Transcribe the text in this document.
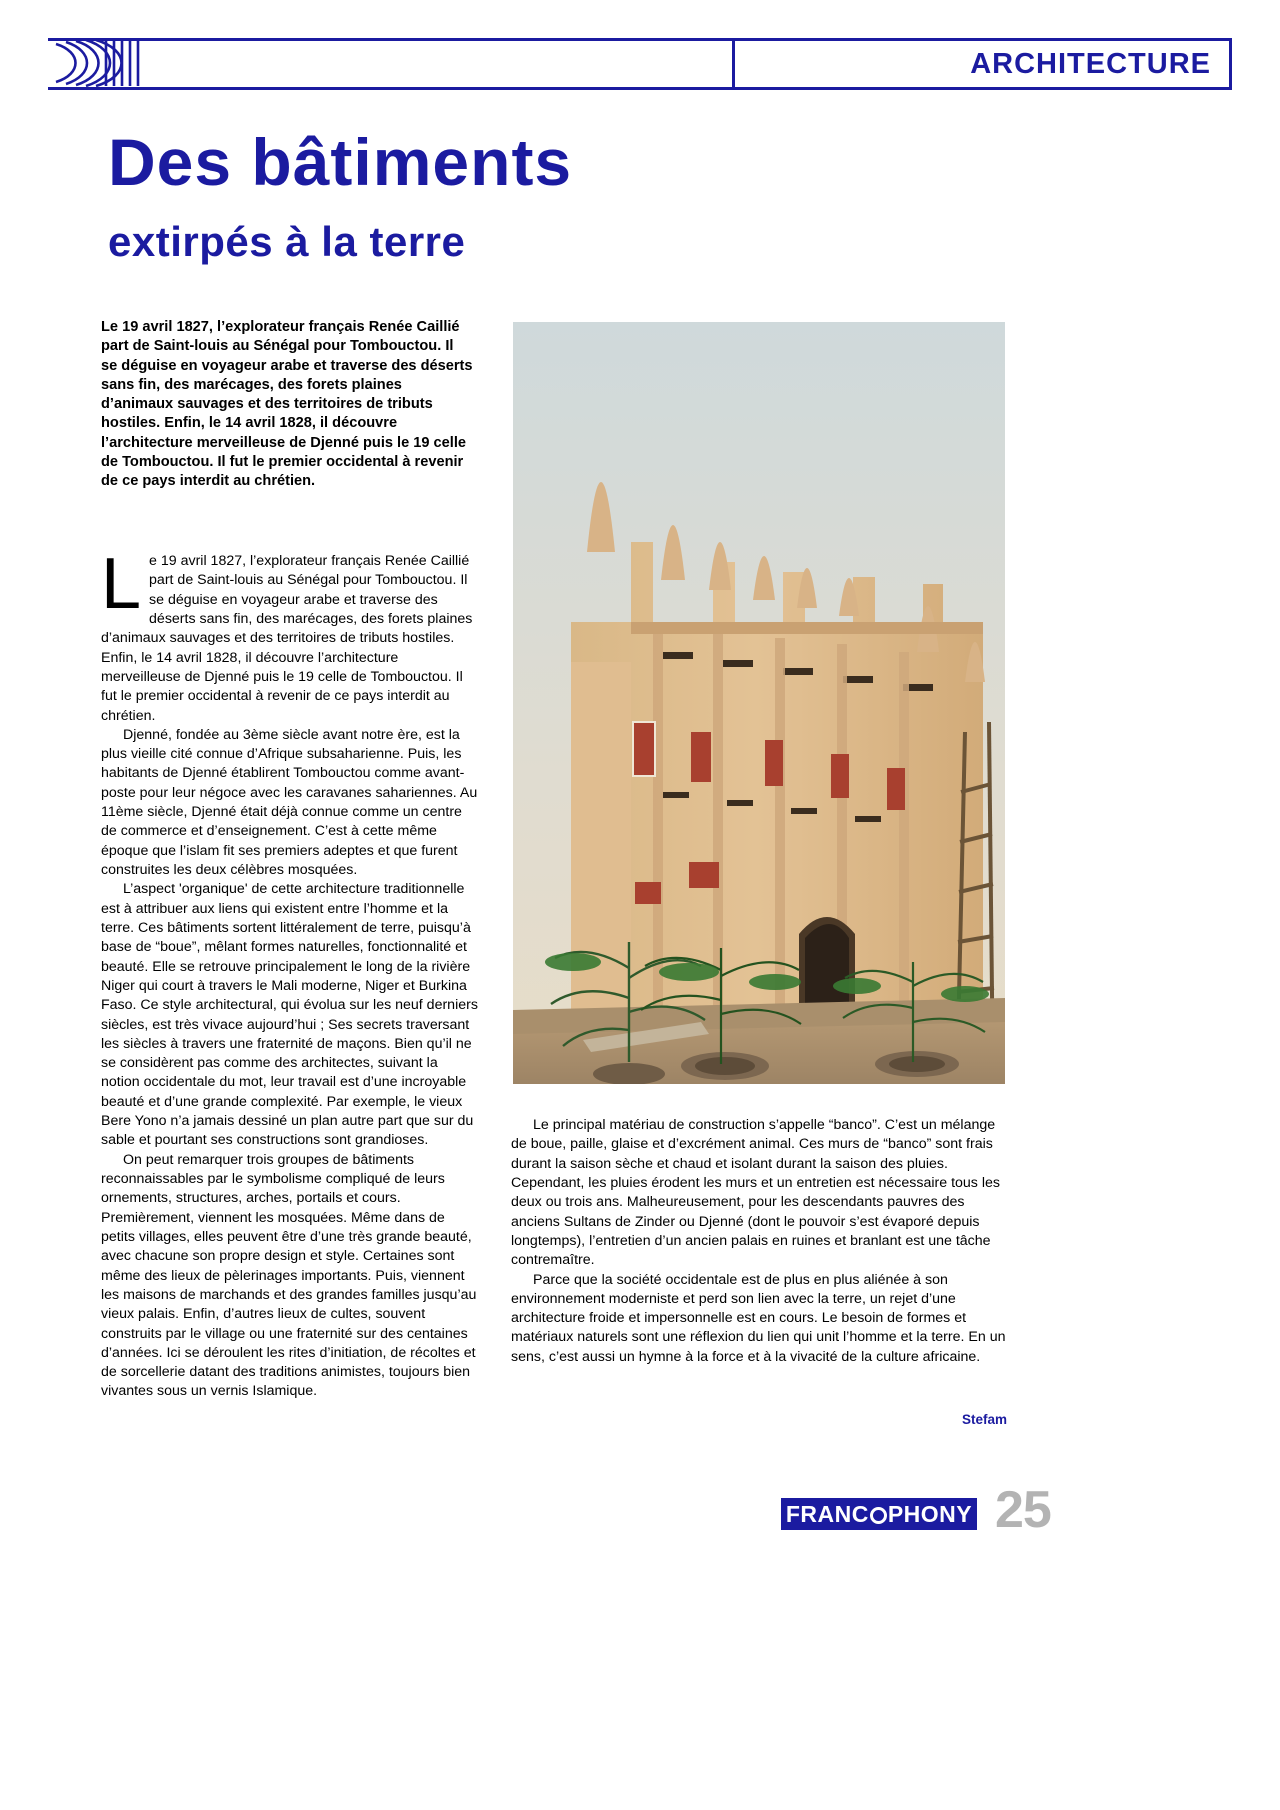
ARCHITECTURE
Des bâtiments
extirpés à la terre
Le 19 avril 1827, l’explorateur français Renée Caillié part de Saint-louis au Sénégal pour Tombouctou. Il se déguise en voyageur arabe et traverse des déserts sans fin, des marécages, des forets plaines d’animaux sauvages et des territoires de tributs hostiles. Enfin, le 14 avril 1828, il découvre l’architecture merveilleuse de Djenné puis le 19 celle de Tombouctou. Il fut le premier occidental à revenir de ce pays interdit au chrétien.

Le 19 avril 1827, l’explorateur français Renée Caillié part de Saint-louis au Sénégal pour Tombouctou. Il se déguise en voyageur arabe et traverse des déserts sans fin, des marécages, des forets plaines d’animaux sauvages et des territoires de tributs hostiles. Enfin, le 14 avril 1828, il découvre l’architecture merveilleuse de Djenné puis le 19 celle de Tombouctou. Il fut le premier occidental à revenir de ce pays interdit au chrétien.

Djenné, fondée au 3ème siècle avant notre ère, est la plus vieille cité connue d’Afrique subsaharienne. Puis, les habitants de Djenné établirent Tombouctou comme avant-poste pour leur négoce avec les caravanes sahariennes. Au 11ème siècle, Djenné était déjà connue comme un centre de commerce et d’enseignement. C’est à cette même époque que l’islam fit ses premiers adeptes et que furent construites les deux célèbres mosquées.

L’aspect 'organique' de cette architecture traditionnelle est à attribuer aux liens qui existent entre l’homme et la terre. Ces bâtiments sortent littéralement de terre, puisqu’à base de “boue”, mêlant formes naturelles, fonctionnalité et beauté. Elle se retrouve principalement le long de la rivière Niger qui court à travers le Mali moderne, Niger et Burkina Faso. Ce style architectural, qui évolua sur les neuf derniers siècles, est très vivace aujourd’hui ; Ses secrets traversant les siècles à travers une fraternité de maçons. Bien qu’il ne se considèrent pas comme des architectes, suivant la notion occidentale du mot, leur travail est d’une incroyable beauté et d’une grande complexité. Par exemple, le vieux Bere Yono n’a jamais dessiné un plan autre part que sur du sable et pourtant ses constructions sont grandioses.

On peut remarquer trois groupes de bâtiments reconnaissables par le symbolisme compliqué de leurs ornements, structures, arches, portails et cours. Premièrement, viennent les mosquées. Même dans de petits villages, elles peuvent être d’une très grande beauté, avec chacune son propre design et style. Certaines sont même des lieux de pèlerinages importants. Puis, viennent les maisons de marchands et des grandes familles jusqu’au vieux palais. Enfin, d’autres lieux de cultes, souvent construits par le village ou une fraternité sur des centaines d’années. Ici se déroulent les rites d’initiation, de récoltes et de sorcellerie datant des traditions animistes, toujours bien vivantes sous un vernis Islamique.

Le principal matériau de construction s’appelle “banco”. C’est un mélange de boue, paille, glaise et d’excrément animal. Ces murs de “banco” sont frais durant la saison sèche et chaud et isolant durant la saison des pluies. Cependant, les pluies érodent les murs et un entretien est nécessaire tous les deux ou trois ans. Malheureusement, pour les descendants pauvres des anciens Sultans de Zinder ou Djenné (dont le pouvoir s’est évaporé depuis longtemps), l’entretien d’un ancien palais en ruines et branlant est une tâche contremaître.

Parce que la société occidentale est de plus en plus aliénée à son environnement moderniste et perd son lien avec la terre, un rejet d’une architecture froide et impersonnelle est en cours. Le besoin de formes et matériaux naturels sont une réflexion du lien qui unit l’homme et la terre. En un sens, c’est aussi un hymne à la force et à la vivacité de la culture africaine.

Stefam
FRANC PHONY 25
